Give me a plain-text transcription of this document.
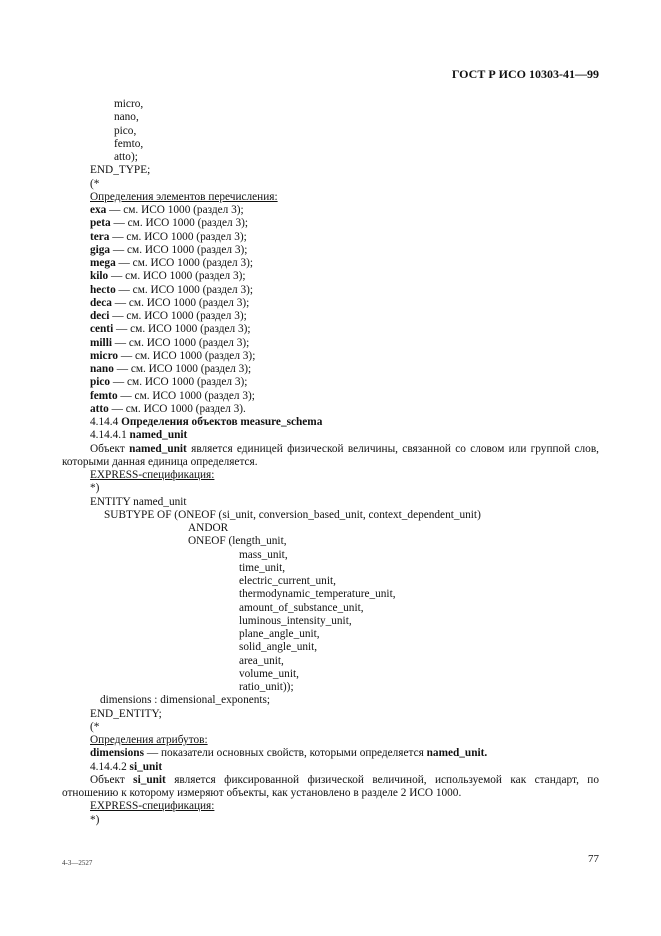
ГОСТ Р ИСО 10303-41—99
micro,
nano,
pico,
femto,
atto);
END_TYPE;
(*
Определения элементов перечисления:
exa — см. ИСО 1000 (раздел 3);
peta — см. ИСО 1000 (раздел 3);
tera — см. ИСО 1000 (раздел 3);
giga — см. ИСО 1000 (раздел 3);
mega — см. ИСО 1000 (раздел 3);
kilo — см. ИСО 1000 (раздел 3);
hecto — см. ИСО 1000 (раздел 3);
deca — см. ИСО 1000 (раздел 3);
deci — см. ИСО 1000 (раздел 3);
centi — см. ИСО 1000 (раздел 3);
milli — см. ИСО 1000 (раздел 3);
micro — см. ИСО 1000 (раздел 3);
nano — см. ИСО 1000 (раздел 3);
pico — см. ИСО 1000 (раздел 3);
femto — см. ИСО 1000 (раздел 3);
atto — см. ИСО 1000 (раздел 3).
4.14.4 Определения объектов measure_schema
4.14.4.1 named_unit
Объект named_unit является единицей физической величины, связанной со словом или группой слов, которыми данная единица определяется.
EXPRESS-спецификация:
*)
ENTITY named_unit
SUBTYPE OF (ONEOF (si_unit, conversion_based_unit, context_dependent_unit)
ANDOR
ONEOF (length_unit,
mass_unit,
time_unit,
electric_current_unit,
thermodynamic_temperature_unit,
amount_of_substance_unit,
luminous_intensity_unit,
plane_angle_unit,
solid_angle_unit,
area_unit,
volume_unit,
ratio_unit));
dimensions : dimensional_exponents;
END_ENTITY;
(*
Определения атрибутов:
dimensions — показатели основных свойств, которыми определяется named_unit.
4.14.4.2 si_unit
Объект si_unit является фиксированной физической величиной, используемой как стандарт, по отношению к которому измеряют объекты, как установлено в разделе 2 ИСО 1000.
EXPRESS-спецификация:
*)
4-3—2527	77
